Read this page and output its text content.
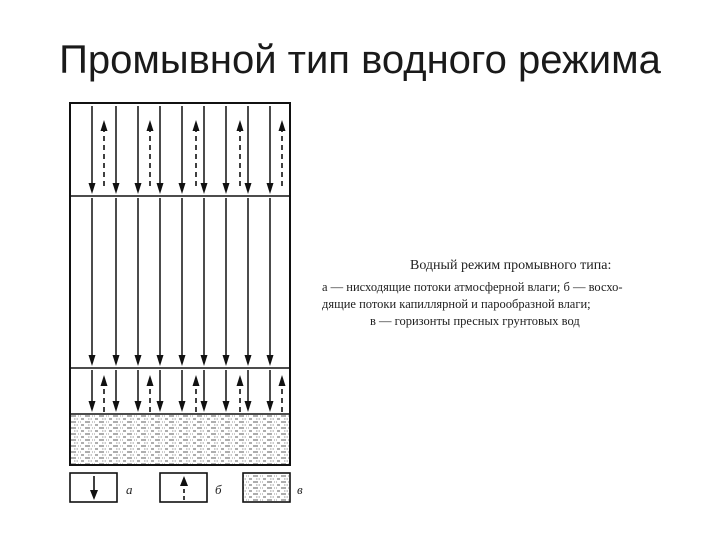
Промывной тип водного режима
Водный режим промывного типа:
а — нисходящие потоки атмосферной влаги; б — восхо-
дящие потоки капиллярной и парообразной влаги;
в — горизонты пресных грунтовых вод
а	б	в
